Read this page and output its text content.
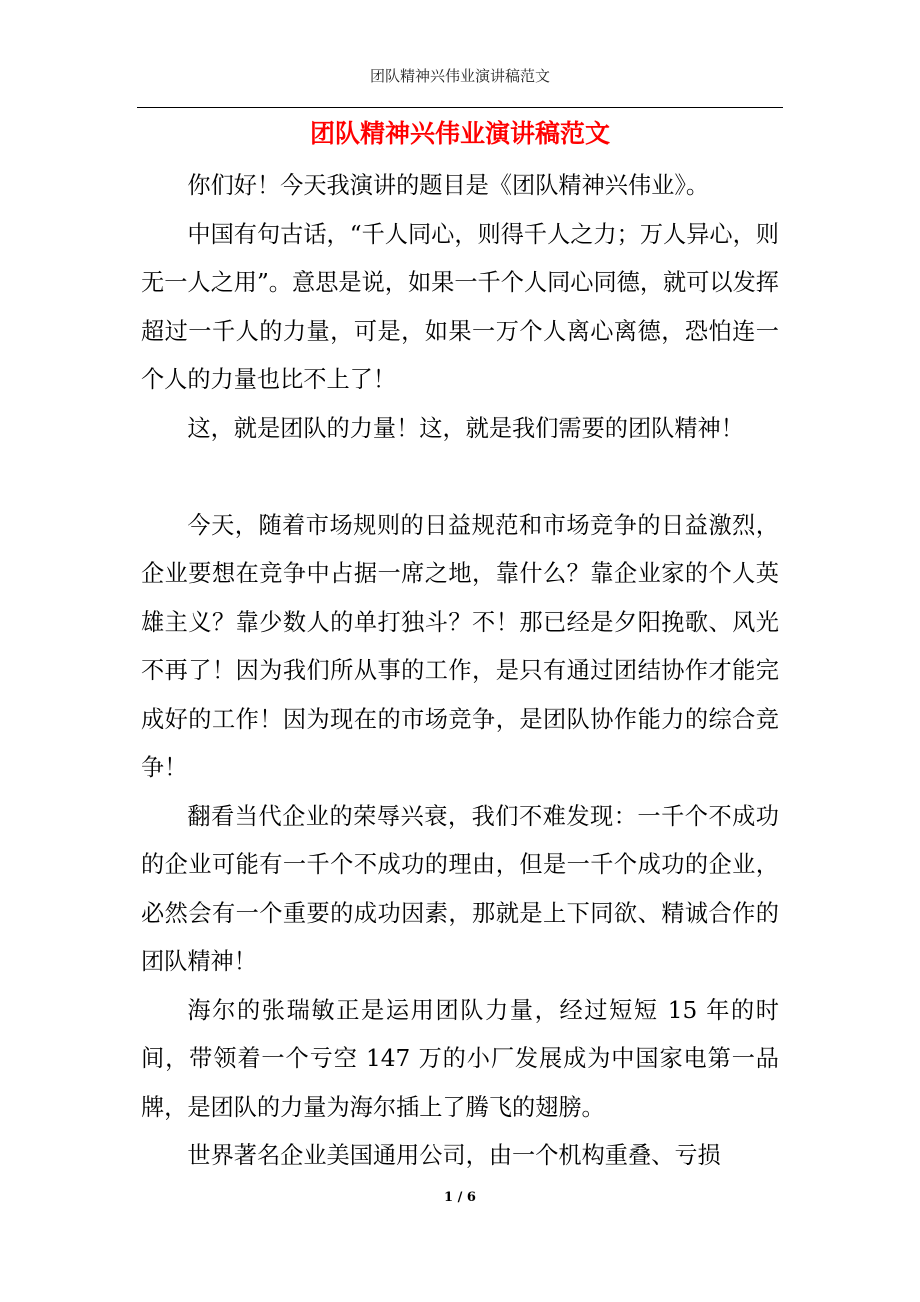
团队精神兴伟业演讲稿范文
团队精神兴伟业演讲稿范文

你们好！今天我演讲的题目是《团队精神兴伟业》。

中国有句古话，“千人同心，则得千人之力；万人异心，则无一人之用”。意思是说，如果一千个人同心同德，就可以发挥超过一千人的力量，可是，如果一万个人离心离德，恐怕连一个人的力量也比不上了！

这，就是团队的力量！这，就是我们需要的团队精神！

今天，随着市场规则的日益规范和市场竞争的日益激烈，企业要想在竞争中占据一席之地，靠什么？靠企业家的个人英雄主义？靠少数人的单打独斗？不！那已经是夕阳挽歌、风光不再了！因为我们所从事的工作，是只有通过团结协作才能完成好的工作！因为现在的市场竞争，是团队协作能力的综合竞争！

翻看当代企业的荣辱兴衰，我们不难发现：一千个不成功的企业可能有一千个不成功的理由，但是一千个成功的企业，必然会有一个重要的成功因素，那就是上下同欲、精诚合作的团队精神！

海尔的张瑞敏正是运用团队力量，经过短短 15 年的时间，带领着一个亏空 147 万的小厂发展成为中国家电第一品牌，是团队的力量为海尔插上了腾飞的翅膀。

世界著名企业美国通用公司，由一个机构重叠、亏损

1 / 6
